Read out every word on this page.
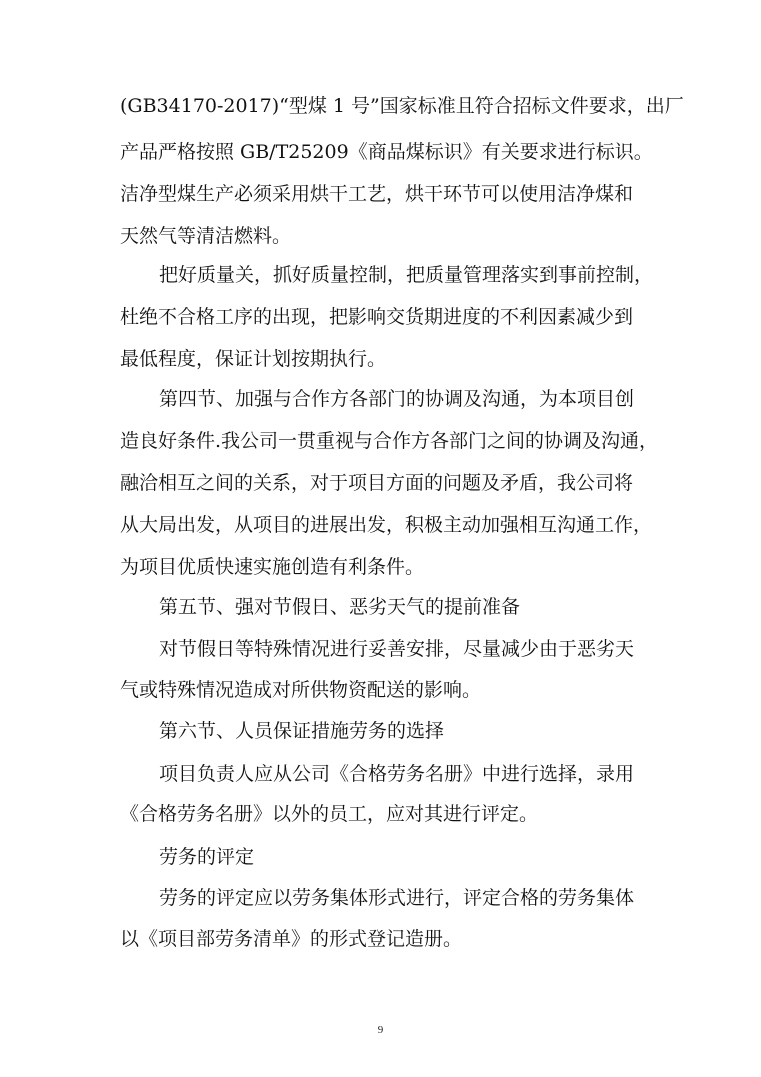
(GB34170-2017)“型煤 1 号”国家标准且符合招标文件要求，出厂
产品严格按照 GB/T25209《商品煤标识》有关要求进行标识。
洁净型煤生产必须采用烘干工艺，烘干环节可以使用洁净煤和
天然气等清洁燃料。
把好质量关，抓好质量控制，把质量管理落实到事前控制，
杜绝不合格工序的出现，把影响交货期进度的不利因素减少到
最低程度，保证计划按期执行。
第四节、加强与合作方各部门的协调及沟通，为本项目创
造良好条件.我公司一贯重视与合作方各部门之间的协调及沟通，
融洽相互之间的关系，对于项目方面的问题及矛盾，我公司将
从大局出发，从项目的进展出发，积极主动加强相互沟通工作，
为项目优质快速实施创造有利条件。
第五节、强对节假日、恶劣天气的提前准备
对节假日等特殊情况进行妥善安排，尽量减少由于恶劣天
气或特殊情况造成对所供物资配送的影响。
第六节、人员保证措施劳务的选择
项目负责人应从公司《合格劳务名册》中进行选择，录用
《合格劳务名册》以外的员工，应对其进行评定。
劳务的评定
劳务的评定应以劳务集体形式进行，评定合格的劳务集体
以《项目部劳务清单》的形式登记造册。
9
